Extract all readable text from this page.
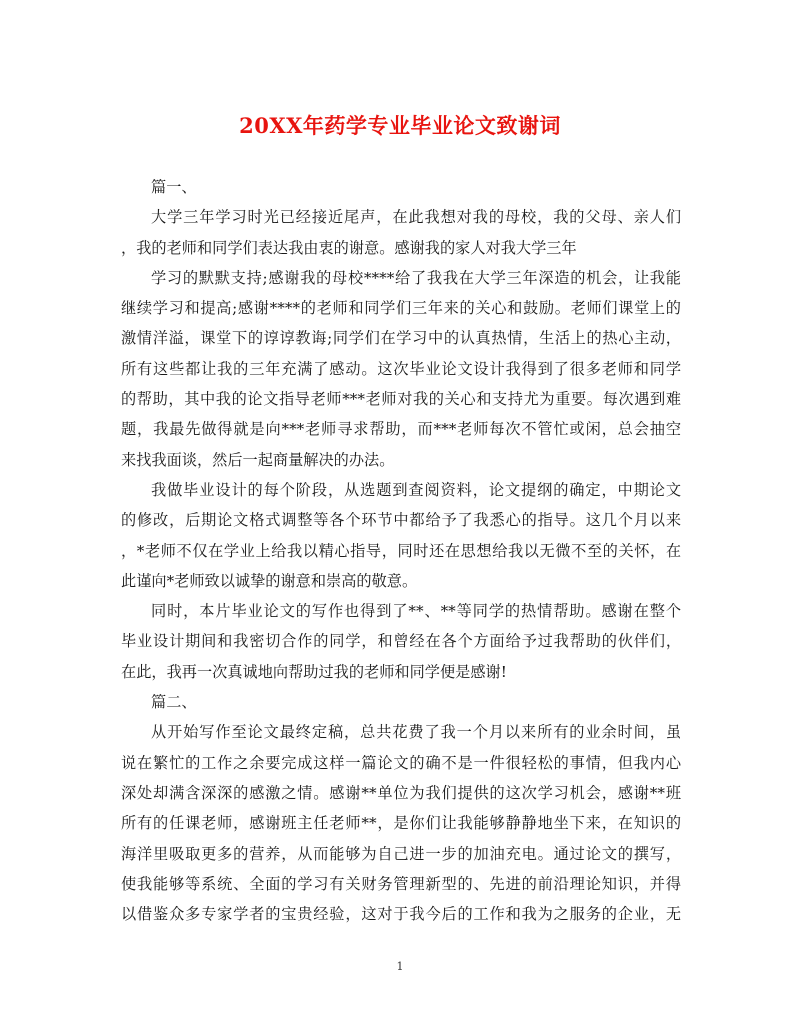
20XX年药学专业毕业论文致谢词
篇一、
大学三年学习时光已经接近尾声，在此我想对我的母校，我的父母、亲人们
，我的老师和同学们表达我由衷的谢意。感谢我的家人对我大学三年
学习的默默支持;感谢我的母校****给了我我在大学三年深造的机会，让我能
继续学习和提高;感谢****的老师和同学们三年来的关心和鼓励。老师们课堂上的
激情洋溢，课堂下的谆谆教诲;同学们在学习中的认真热情，生活上的热心主动，
所有这些都让我的三年充满了感动。这次毕业论文设计我得到了很多老师和同学
的帮助，其中我的论文指导老师***老师对我的关心和支持尤为重要。每次遇到难
题，我最先做得就是向***老师寻求帮助，而***老师每次不管忙或闲，总会抽空
来找我面谈，然后一起商量解决的办法。
我做毕业设计的每个阶段，从选题到查阅资料，论文提纲的确定，中期论文
的修改，后期论文格式调整等各个环节中都给予了我悉心的指导。这几个月以来
，*老师不仅在学业上给我以精心指导，同时还在思想给我以无微不至的关怀，在
此谨向*老师致以诚挚的谢意和崇高的敬意。
同时，本片毕业论文的写作也得到了**、**等同学的热情帮助。感谢在整个
毕业设计期间和我密切合作的同学，和曾经在各个方面给予过我帮助的伙伴们，
在此，我再一次真诚地向帮助过我的老师和同学便是感谢!
篇二、
从开始写作至论文最终定稿，总共花费了我一个月以来所有的业余时间，虽
说在繁忙的工作之余要完成这样一篇论文的确不是一件很轻松的事情，但我内心
深处却满含深深的感激之情。感谢**单位为我们提供的这次学习机会，感谢**班
所有的任课老师，感谢班主任老师**，是你们让我能够静静地坐下来，在知识的
海洋里吸取更多的营养，从而能够为自己进一步的加油充电。通过论文的撰写，
使我能够等系统、全面的学习有关财务管理新型的、先进的前沿理论知识，并得
以借鉴众多专家学者的宝贵经验，这对于我今后的工作和我为之服务的企业，无
1
